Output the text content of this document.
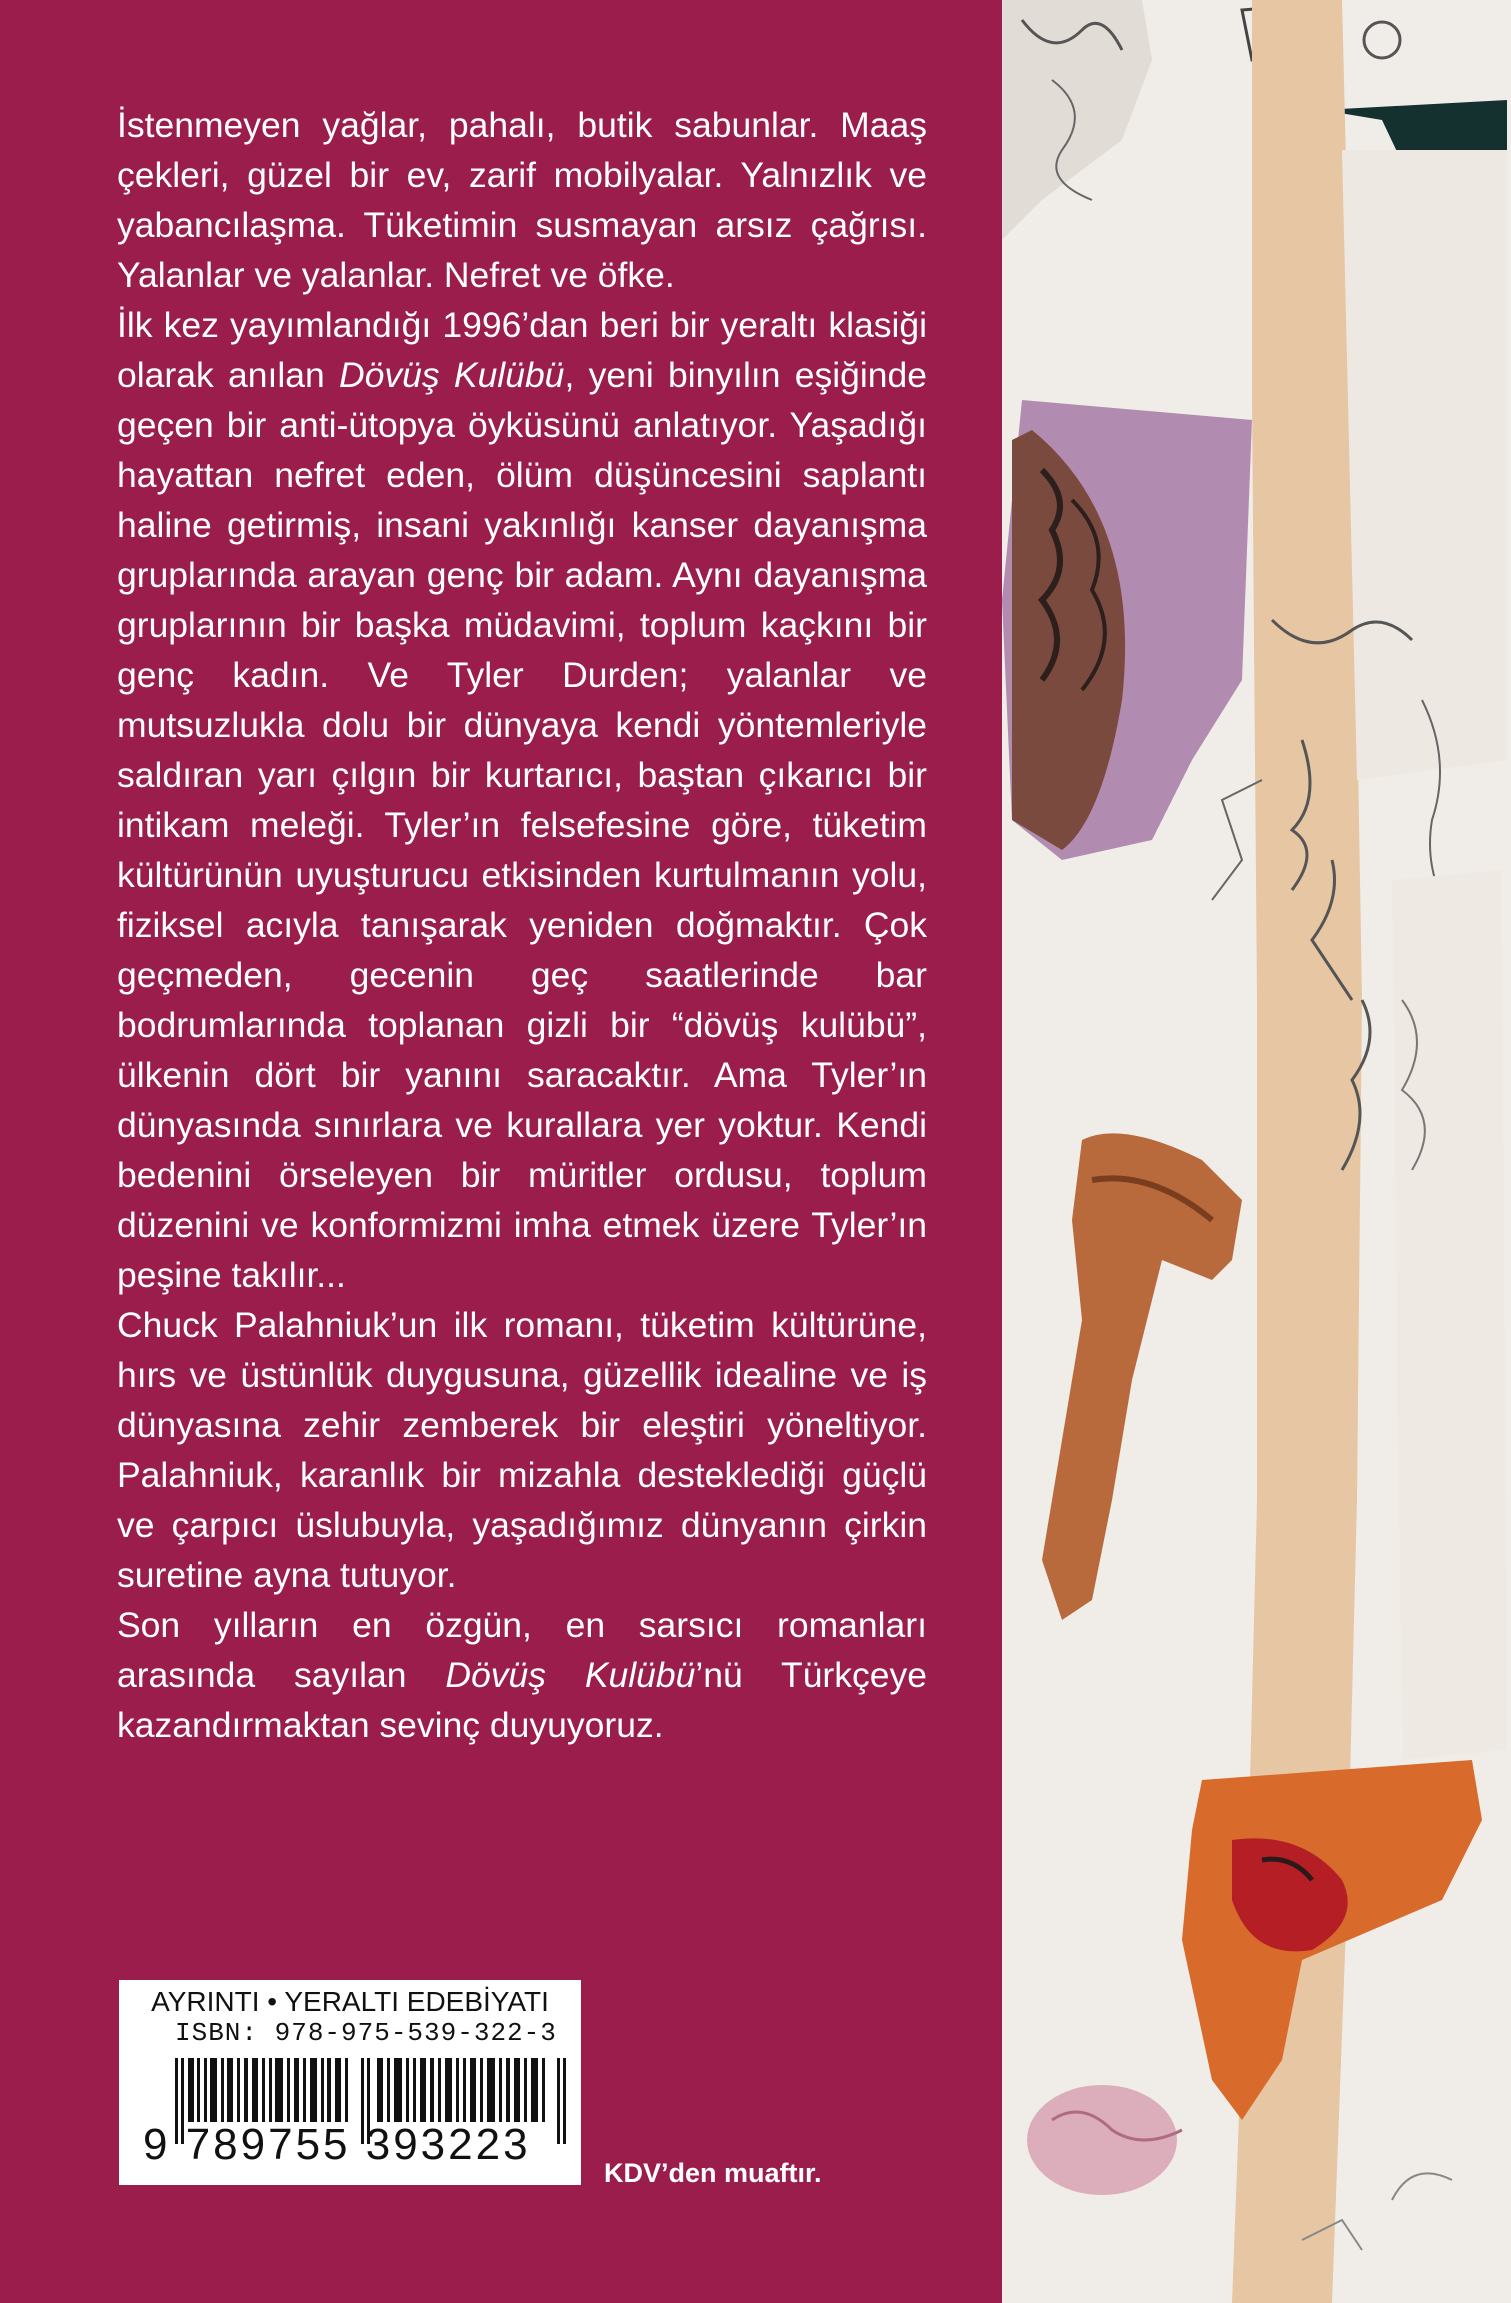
İstenmeyen yağlar, pahalı, butik sabunlar. Maaş çekleri, güzel bir ev, zarif mobilyalar. Yalnızlık ve yabancılaşma. Tüketimin susmayan arsız çağrısı. Yalanlar ve yalanlar. Nefret ve öfke.

İlk kez yayımlandığı 1996’dan beri bir yeraltı klasiği olarak anılan Dövüş Kulübü, yeni binyılın eşiğinde geçen bir anti-ütopya öyküsünü anlatıyor. Yaşadığı hayattan nefret eden, ölüm düşüncesini saplantı haline getirmiş, insani yakınlığı kanser dayanışma gruplarında arayan genç bir adam. Aynı dayanışma gruplarının bir başka müdavimi, toplum kaçkını bir genç kadın. Ve Tyler Durden; yalanlar ve mutsuzlukla dolu bir dünyaya kendi yöntemleriyle saldıran yarı çılgın bir kurtarıcı, baştan çıkarıcı bir intikam meleği. Tyler’ın felsefesine göre, tüketim kültürünün uyuşturucu etkisinden kurtulmanın yolu, fiziksel acıyla tanışarak yeniden doğmaktır. Çok geçmeden, gecenin geç saatlerinde bar bodrumlarında toplanan gizli bir “dövüş kulübü”, ülkenin dört bir yanını saracaktır. Ama Tyler’ın dünyasında sınırlara ve kurallara yer yoktur. Kendi bedenini örseleyen bir müritler ordusu, toplum düzenini ve konformizmi imha etmek üzere Tyler’ın peşine takılır...

Chuck Palahniuk’un ilk romanı, tüketim kültürüne, hırs ve üstünlük duygusuna, güzellik idealine ve iş dünyasına zehir zemberek bir eleştiri yöneltiyor. Palahniuk, karanlık bir mizahla desteklediği güçlü ve çarpıcı üslubuyla, yaşadığımız dünyanın çirkin suretine ayna tutuyor.

Son yılların en özgün, en sarsıcı romanları arasında sayılan Dövüş Kulübü’nü Türkçeye kazandırmaktan sevinç duyuyoruz.

AYRINTI • YERALTI EDEBİYATI
ISBN: 978-975-539-322-3
9 789755 393223
KDV’den muaftır.
